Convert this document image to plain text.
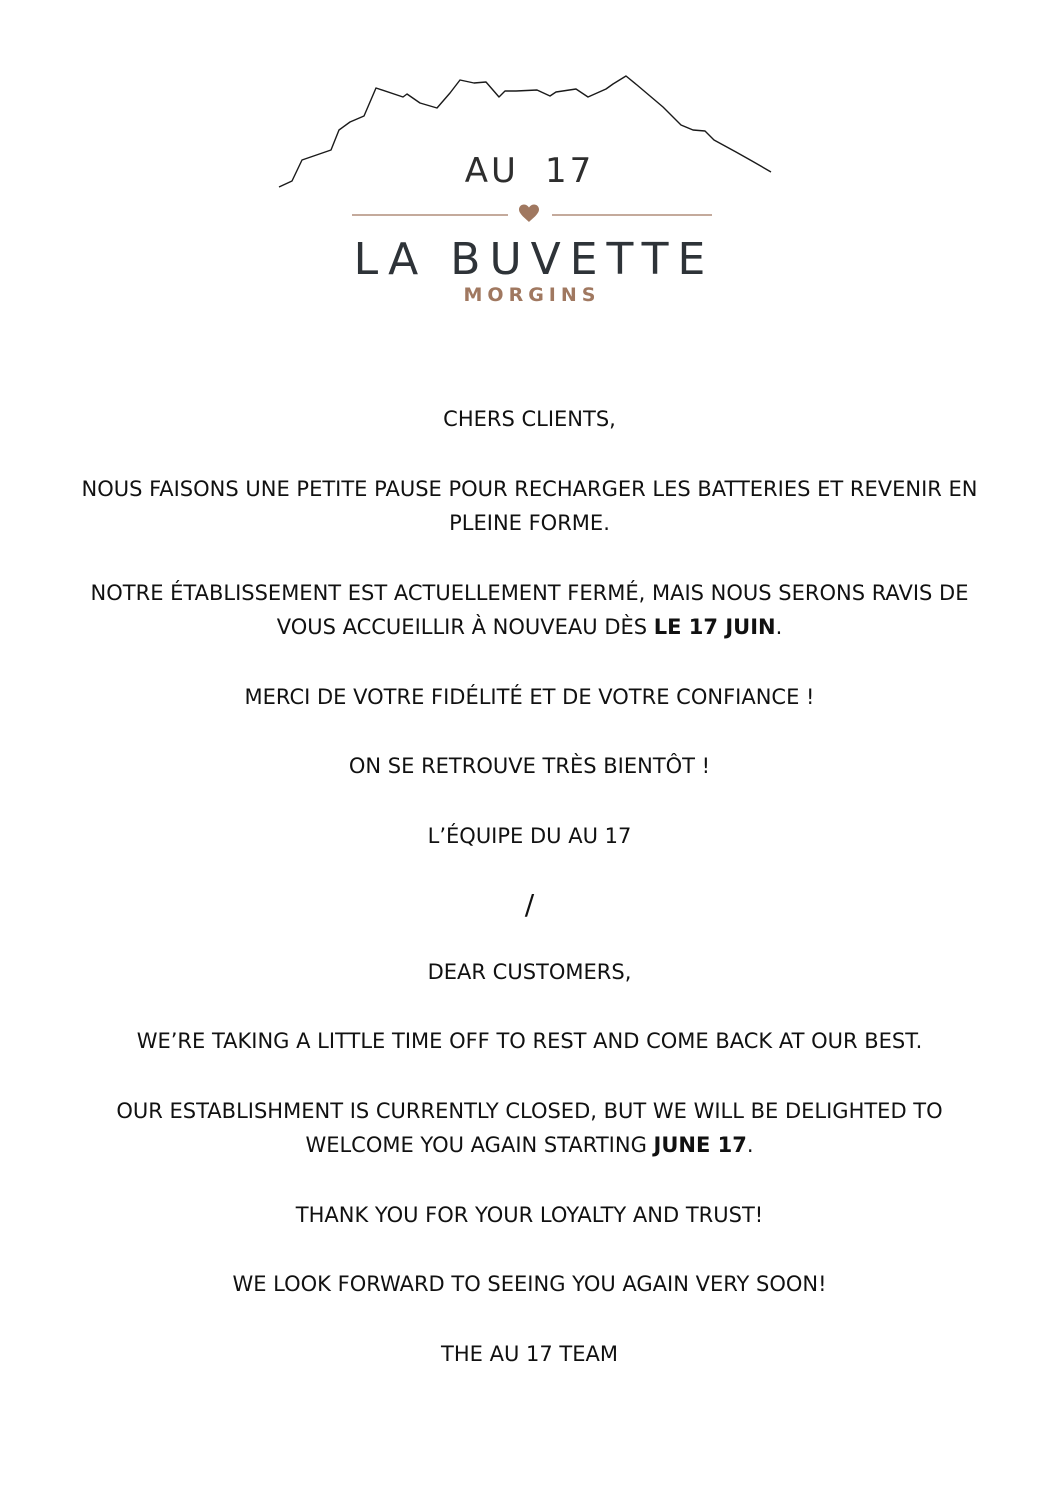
AU 17
LA BUVETTE
MORGINS

CHERS CLIENTS,

NOUS FAISONS UNE PETITE PAUSE POUR RECHARGER LES BATTERIES ET REVENIR EN PLEINE FORME.

NOTRE ÉTABLISSEMENT EST ACTUELLEMENT FERMÉ, MAIS NOUS SERONS RAVIS DE VOUS ACCUEILLIR À NOUVEAU DÈS LE 17 JUIN.

MERCI DE VOTRE FIDÉLITÉ ET DE VOTRE CONFIANCE !

ON SE RETROUVE TRÈS BIENTÔT !

L’ÉQUIPE DU AU 17

/

DEAR CUSTOMERS,

WE’RE TAKING A LITTLE TIME OFF TO REST AND COME BACK AT OUR BEST.

OUR ESTABLISHMENT IS CURRENTLY CLOSED, BUT WE WILL BE DELIGHTED TO WELCOME YOU AGAIN STARTING JUNE 17.

THANK YOU FOR YOUR LOYALTY AND TRUST!

WE LOOK FORWARD TO SEEING YOU AGAIN VERY SOON!

THE AU 17 TEAM
